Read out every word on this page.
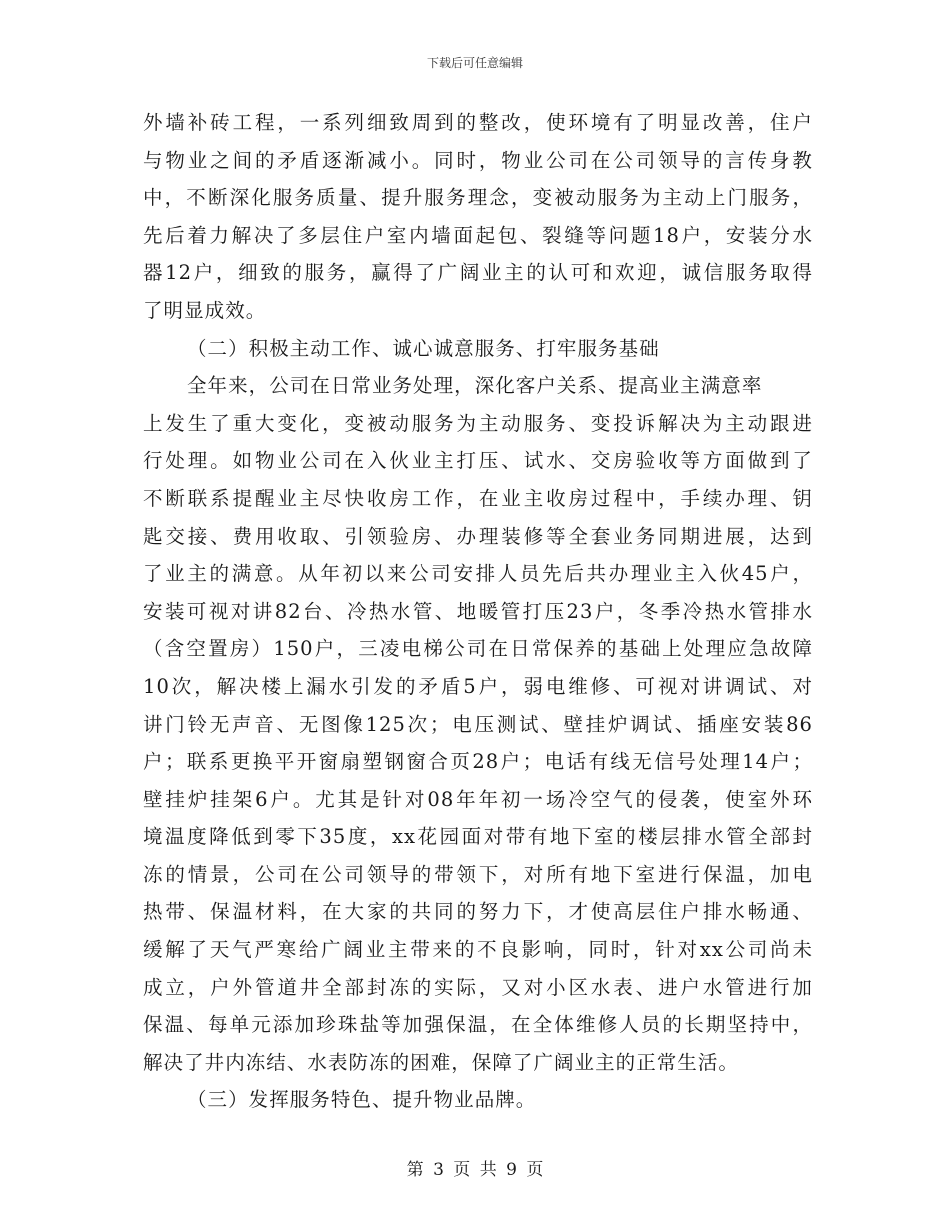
下载后可任意编辑
外墙补砖工程，一系列细致周到的整改，使环境有了明显改善，住户
与物业之间的矛盾逐渐减小。同时，物业公司在公司领导的言传身教
中，不断深化服务质量、提升服务理念，变被动服务为主动上门服务，
先后着力解决了多层住户室内墙面起包、裂缝等问题18户，安装分水
器12户，细致的服务，赢得了广阔业主的认可和欢迎，诚信服务取得
了明显成效。
（二）积极主动工作、诚心诚意服务、打牢服务基础
全年来，公司在日常业务处理，深化客户关系、提高业主满意率
上发生了重大变化，变被动服务为主动服务、变投诉解决为主动跟进
行处理。如物业公司在入伙业主打压、试水、交房验收等方面做到了
不断联系提醒业主尽快收房工作，在业主收房过程中，手续办理、钥
匙交接、费用收取、引领验房、办理装修等全套业务同期进展，达到
了业主的满意。从年初以来公司安排人员先后共办理业主入伙45户，
安装可视对讲82台、冷热水管、地暖管打压23户，冬季冷热水管排水
（含空置房）150户，三凌电梯公司在日常保养的基础上处理应急故障
10次，解决楼上漏水引发的矛盾5户，弱电维修、可视对讲调试、对
讲门铃无声音、无图像125次；电压测试、壁挂炉调试、插座安装86
户；联系更换平开窗扇塑钢窗合页28户；电话有线无信号处理14户；
壁挂炉挂架6户。尤其是针对08年年初一场冷空气的侵袭，使室外环
境温度降低到零下35度，xx花园面对带有地下室的楼层排水管全部封
冻的情景，公司在公司领导的带领下，对所有地下室进行保温，加电
热带、保温材料，在大家的共同的努力下，才使高层住户排水畅通、
缓解了天气严寒给广阔业主带来的不良影响，同时，针对xx公司尚未
成立，户外管道井全部封冻的实际，又对小区水表、进户水管进行加
保温、每单元添加珍珠盐等加强保温，在全体维修人员的长期坚持中，
解决了井内冻结、水表防冻的困难，保障了广阔业主的正常生活。
（三）发挥服务特色、提升物业品牌。
第 3 页 共 9 页
